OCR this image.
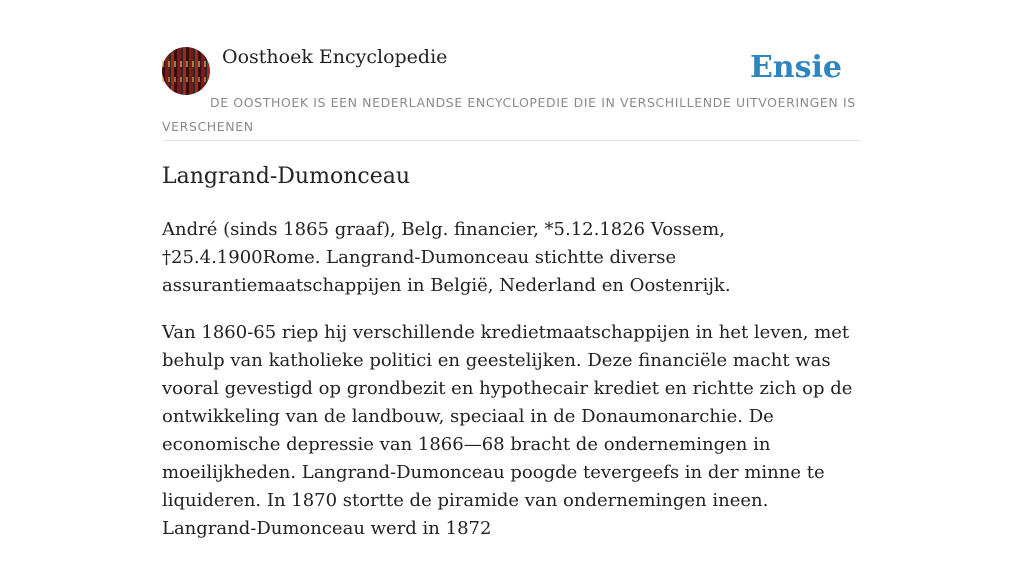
Oosthoek Encyclopedie	Ensie
DE OOSTHOEK IS EEN NEDERLANDSE ENCYCLOPEDIE DIE IN VERSCHILLENDE UITVOERINGEN IS VERSCHENEN
Langrand-Dumonceau

André (sinds 1865 graaf), Belg. financier, *5.12.1826 Vossem, †25.4.1900Rome. Langrand-Dumonceau stichtte diverse assurantiemaatschappijen in België, Nederland en Oostenrijk.

Van 1860-65 riep hij verschillende kredietmaatschappijen in het leven, met behulp van katholieke politici en geestelijken. Deze financiële macht was vooral gevestigd op grondbezit en hypothecair krediet en richtte zich op de ontwikkeling van de landbouw, speciaal in de Donaumonarchie. De economische depressie van 1866—68 bracht de ondernemingen in moeilijkheden. Langrand-Dumonceau poogde tevergeefs in der minne te liquideren. In 1870 stortte de piramide van ondernemingen ineen. Langrand-Dumonceau werd in 1872
